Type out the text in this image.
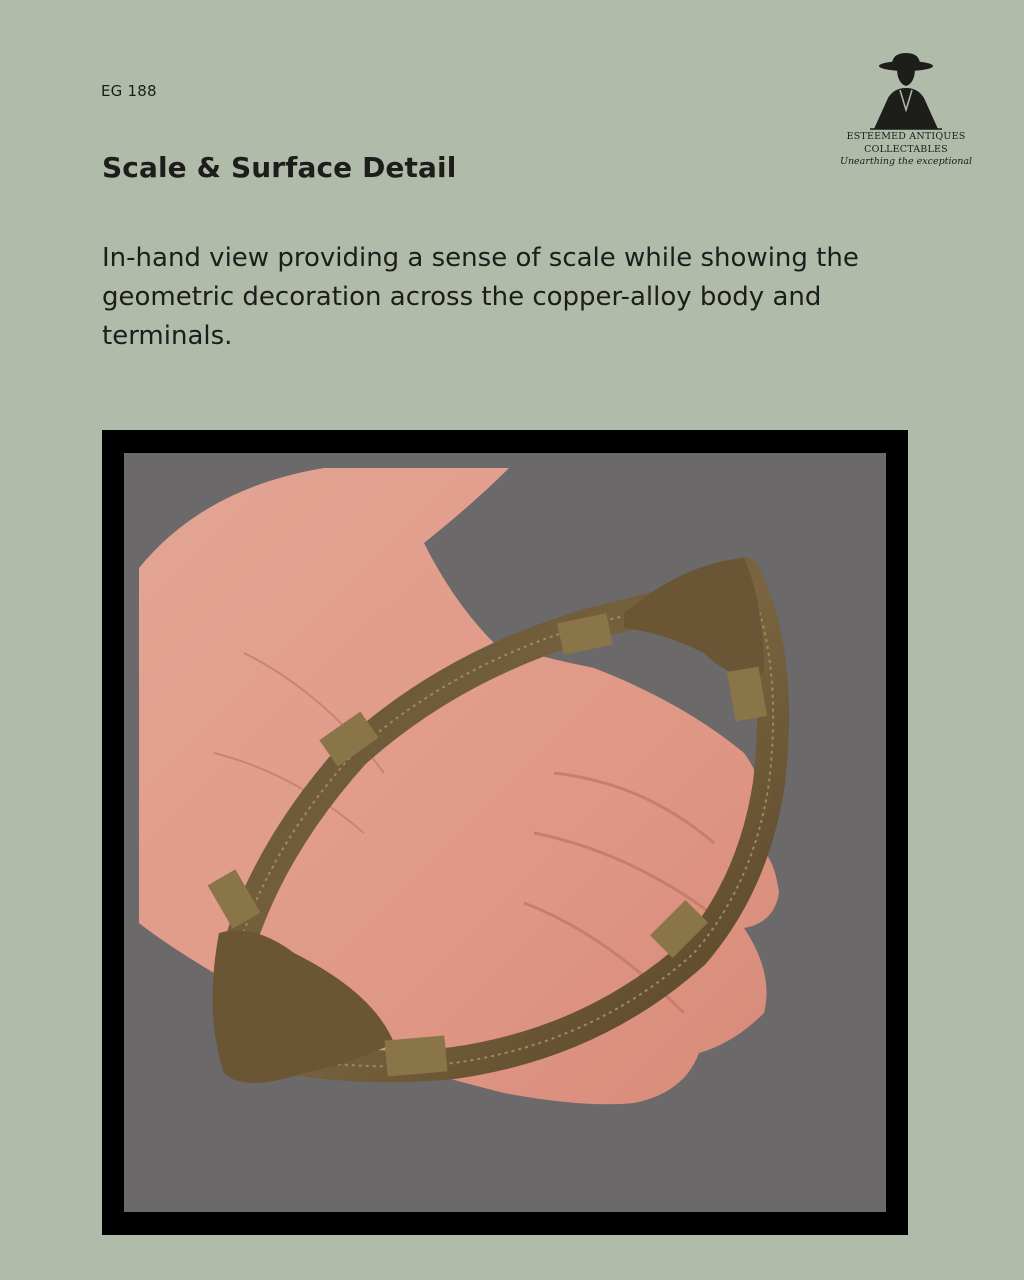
EG 188
Scale & Surface Detail
In-hand view providing a sense of scale while showing the geometric decoration across the copper-alloy body and terminals.
ESTEEMED ANTIQUES
COLLECTABLES
Unearthing the exceptional
